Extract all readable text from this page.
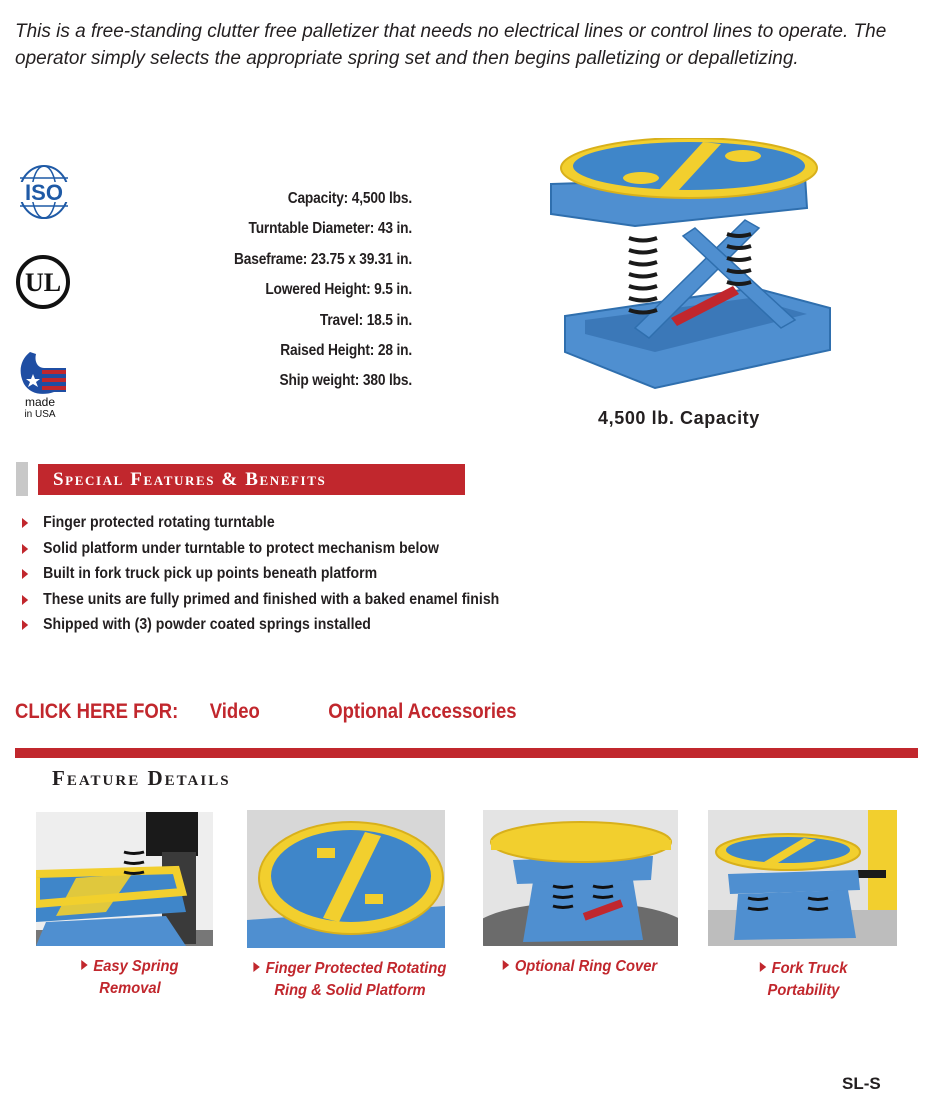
This is a free-standing clutter free palletizer that needs no electrical lines or control lines to operate. The operator simply selects the appropriate spring set and then begins palletizing or depalletizing.

ISO
UL
made
in USA
Capacity: 4,500 lbs.
Turntable Diameter: 43 in.
Baseframe: 23.75 x 39.31 in.
Lowered Height: 9.5 in.
Travel: 18.5 in.
Raised Height: 28 in.
Ship weight: 380 lbs.
4,500 lb. Capacity
Special Features & Benefits
Finger protected rotating turntable
Solid platform under turntable to protect mechanism below
Built in fork truck pick up points beneath platform
These units are fully primed and finished with a baked enamel finish
Shipped with (3) powder coated springs installed
CLICK HERE FOR: Video	Optional Accessories
Feature Details
Easy Spring
Removal
Finger Protected Rotating
Ring & Solid Platform
Optional Ring Cover	Fork Truck
Portability
SL-S
